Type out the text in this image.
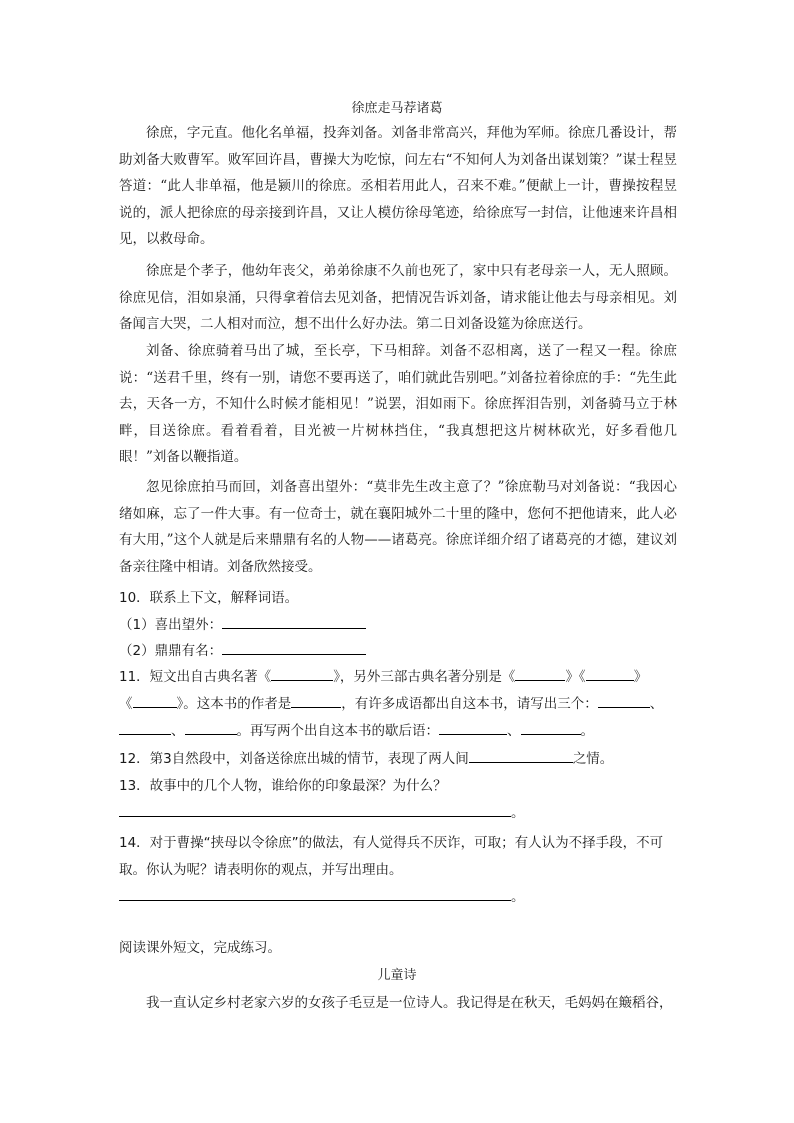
徐庶走马荐诸葛

徐庶，字元直。他化名单福，投奔刘备。刘备非常高兴，拜他为军师。徐庶几番设计，帮助刘备大败曹军。败军回许昌，曹操大为吃惊，问左右“不知何人为刘备出谋划策？”谋士程昱答道：“此人非单福，他是颍川的徐庶。丞相若用此人，召来不难。”便献上一计，曹操按程昱说的，派人把徐庶的母亲接到许昌，又让人模仿徐母笔迹，给徐庶写一封信，让他速来许昌相见，以救母命。

徐庶是个孝子，他幼年丧父，弟弟徐康不久前也死了，家中只有老母亲一人，无人照顾。徐庶见信，泪如泉涌，只得拿着信去见刘备，把情况告诉刘备，请求能让他去与母亲相见。刘备闻言大哭，二人相对而泣，想不出什么好办法。第二日刘备设筵为徐庶送行。

刘备、徐庶骑着马出了城，至长亭，下马相辞。刘备不忍相离，送了一程又一程。徐庶说：“送君千里，终有一别，请您不要再送了，咱们就此告别吧。”刘备拉着徐庶的手：“先生此去，天各一方，不知什么时候才能相见！”说罢，泪如雨下。徐庶挥泪告别，刘备骑马立于林畔，目送徐庶。看着看着，目光被一片树林挡住，“我真想把这片树林砍光，好多看他几眼！”刘备以鞭指道。

忽见徐庶拍马而回，刘备喜出望外：“莫非先生改主意了？”徐庶勒马对刘备说：“我因心绪如麻，忘了一件大事。有一位奇士，就在襄阳城外二十里的隆中，您何不把他请来，此人必有大用，”这个人就是后来鼎鼎有名的人物——诸葛亮。徐庶详细介绍了诸葛亮的才德，建议刘备亲往隆中相请。刘备欣然接受。

10．联系上下文，解释词语。
（1）喜出望外：
（2）鼎鼎有名：
11．短文出自古典名著《	》，另外三部古典名著分别是《	》《	》
《	》。这本书的作者是	，有许多成语都出自这本书，请写出三个：	、
、	。再写两个出自这本书的歇后语：	、	。
12．第3自然段中，刘备送徐庶出城的情节，表现了两人间	之情。
13．故事中的几个人物，谁给你的印象最深？为什么？
。
14．对于曹操“挟母以令徐庶”的做法，有人觉得兵不厌诈，可取；有人认为不择手段，不可取。你认为呢？请表明你的观点，并写出理由。
。
阅读课外短文，完成练习。
儿童诗

我一直认定乡村老家六岁的女孩子毛豆是一位诗人。我记得是在秋天，毛妈妈在簸稻谷，
